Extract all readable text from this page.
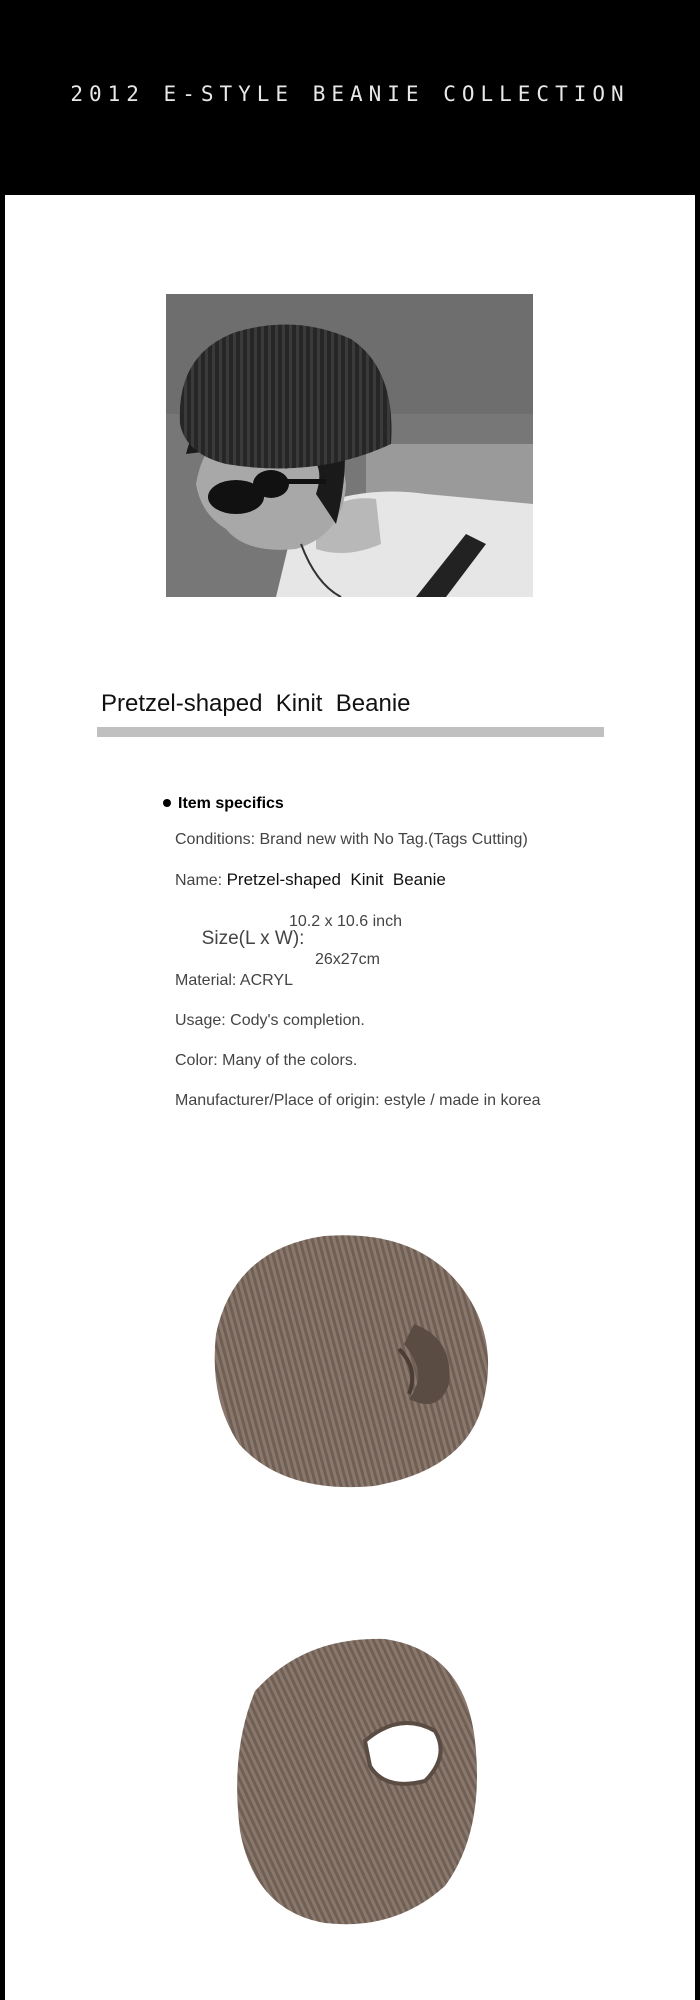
2012 E-STYLE BEANIE COLLECTION
Pretzel-shaped  Kinit  Beanie
Item specifics
Conditions: Brand new with No Tag.(Tags Cutting)
Name: Pretzel-shaped  Kinit  Beanie

Size(L x W):

10.2 x 10.6 inch

26x27cm

Material: ACRYL
Usage: Cody's completion.
Color: Many of the colors.
Manufacturer/Place of origin: estyle / made in korea
